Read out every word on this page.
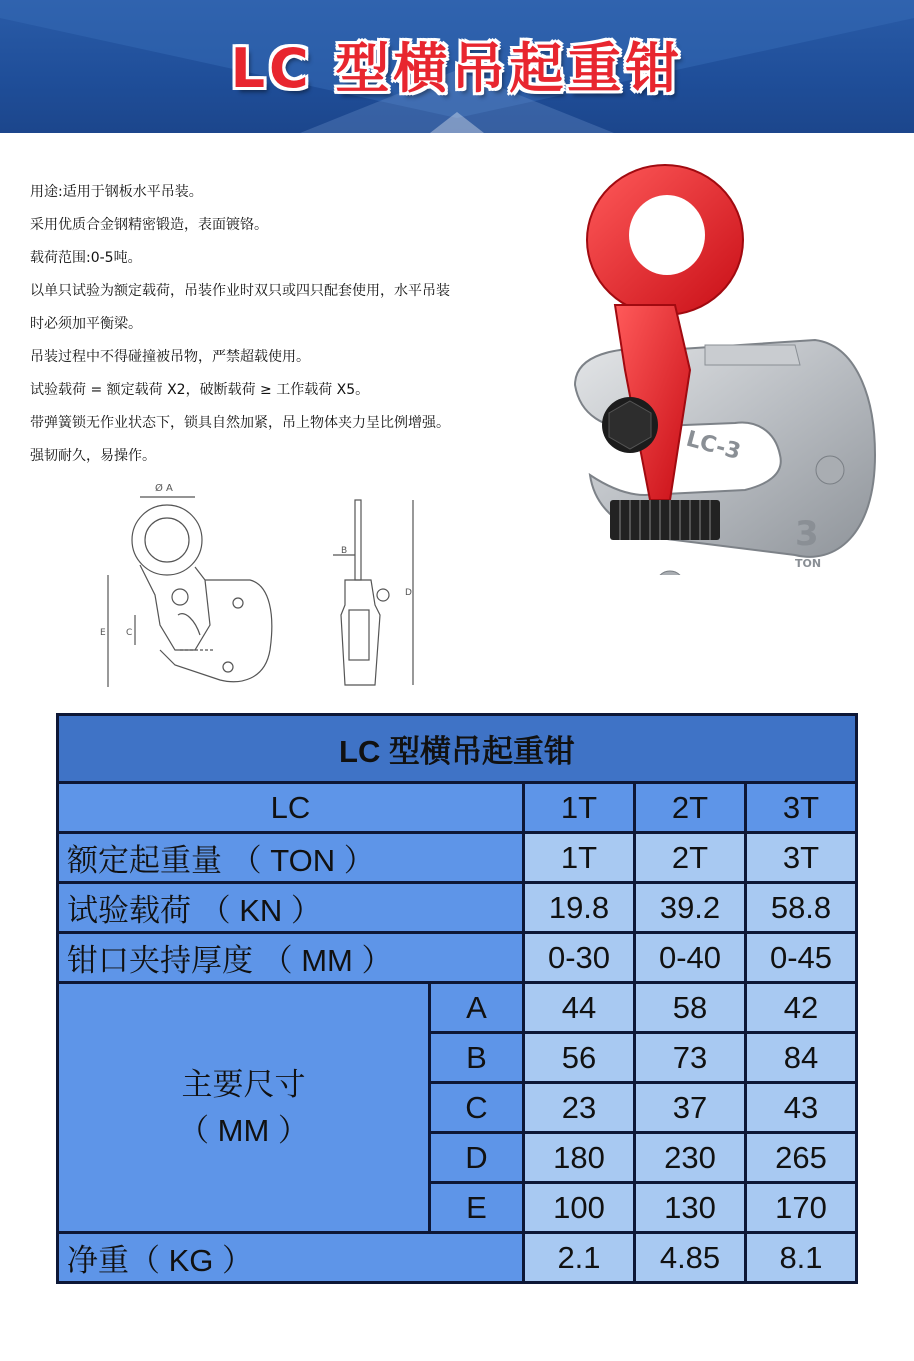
LC 型横吊起重钳
用途:适用于钢板水平吊装。
采用优质合金钢精密锻造，表面镀铬。
载荷范围:0-5吨。
以单只试验为额定载荷，吊装作业时双只或四只配套使用，水平吊装
时必须加平衡梁。
吊装过程中不得碰撞被吊物，严禁超载使用。
试验载荷 = 额定载荷 X2，破断载荷 ≥ 工作载荷 X5。
带弹簧锁无作业状态下，锁具自然加紧，吊上物体夹力呈比例增强。
强韧耐久，易操作。	LC-3
3
TON
Ø A
C
E
B
D
LC 型横吊起重钳				
LC		1T	2T	3T
额定起重量 （ TON ）		1T	2T	3T
试验载荷 （ KN ）		19.8	39.2	58.8
钳口夹持厚度 （ MM ）		0-30	0-40	0-45

主要尺寸
（ MM ）	A	44	58	42
	B	56	73	84
	C	23	37	43
	D	180	230	265
	E	100	130	170
净重（ KG ）		2.1	4.85	8.1
